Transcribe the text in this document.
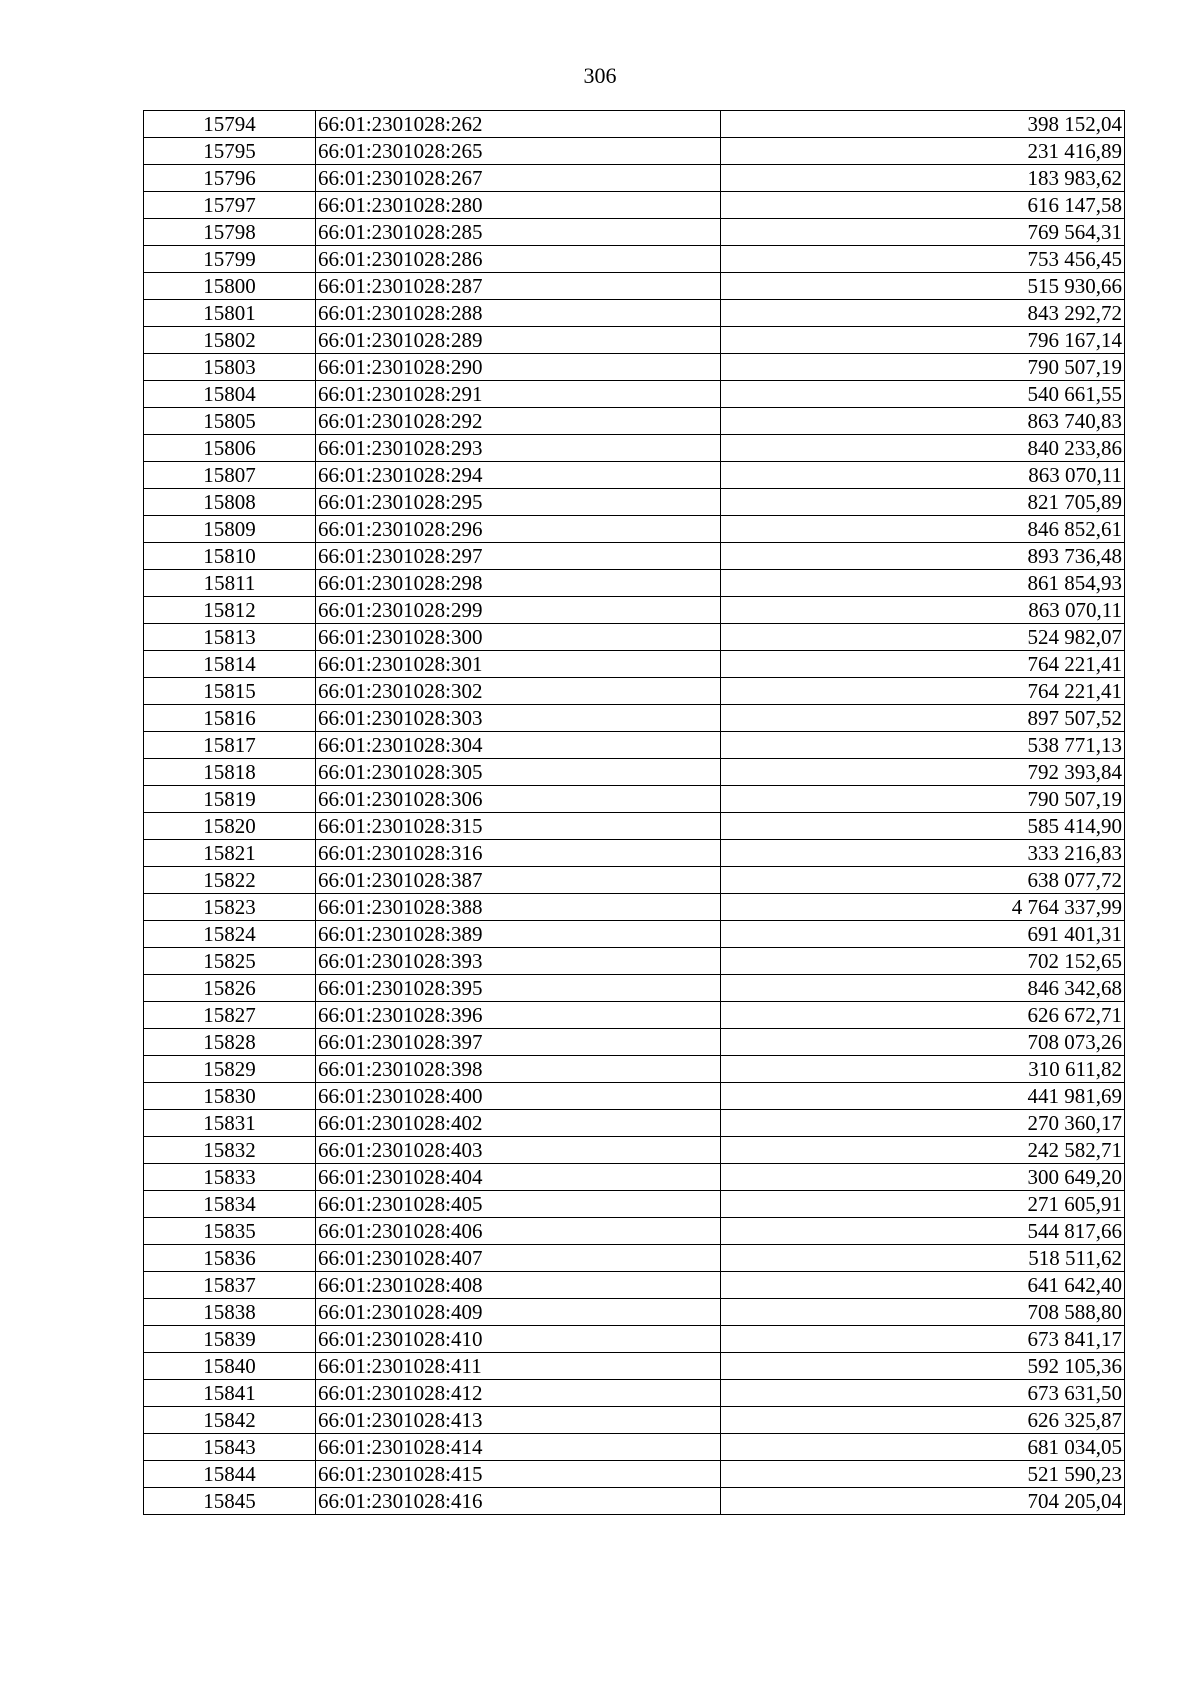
306
15794	66:01:2301028:262	398 152,04
15795	66:01:2301028:265	231 416,89
15796	66:01:2301028:267	183 983,62
15797	66:01:2301028:280	616 147,58
15798	66:01:2301028:285	769 564,31
15799	66:01:2301028:286	753 456,45
15800	66:01:2301028:287	515 930,66
15801	66:01:2301028:288	843 292,72
15802	66:01:2301028:289	796 167,14
15803	66:01:2301028:290	790 507,19
15804	66:01:2301028:291	540 661,55
15805	66:01:2301028:292	863 740,83
15806	66:01:2301028:293	840 233,86
15807	66:01:2301028:294	863 070,11
15808	66:01:2301028:295	821 705,89
15809	66:01:2301028:296	846 852,61
15810	66:01:2301028:297	893 736,48
15811	66:01:2301028:298	861 854,93
15812	66:01:2301028:299	863 070,11
15813	66:01:2301028:300	524 982,07
15814	66:01:2301028:301	764 221,41
15815	66:01:2301028:302	764 221,41
15816	66:01:2301028:303	897 507,52
15817	66:01:2301028:304	538 771,13
15818	66:01:2301028:305	792 393,84
15819	66:01:2301028:306	790 507,19
15820	66:01:2301028:315	585 414,90
15821	66:01:2301028:316	333 216,83
15822	66:01:2301028:387	638 077,72
15823	66:01:2301028:388	4 764 337,99
15824	66:01:2301028:389	691 401,31
15825	66:01:2301028:393	702 152,65
15826	66:01:2301028:395	846 342,68
15827	66:01:2301028:396	626 672,71
15828	66:01:2301028:397	708 073,26
15829	66:01:2301028:398	310 611,82
15830	66:01:2301028:400	441 981,69
15831	66:01:2301028:402	270 360,17
15832	66:01:2301028:403	242 582,71
15833	66:01:2301028:404	300 649,20
15834	66:01:2301028:405	271 605,91
15835	66:01:2301028:406	544 817,66
15836	66:01:2301028:407	518 511,62
15837	66:01:2301028:408	641 642,40
15838	66:01:2301028:409	708 588,80
15839	66:01:2301028:410	673 841,17
15840	66:01:2301028:411	592 105,36
15841	66:01:2301028:412	673 631,50
15842	66:01:2301028:413	626 325,87
15843	66:01:2301028:414	681 034,05
15844	66:01:2301028:415	521 590,23
15845	66:01:2301028:416	704 205,04
